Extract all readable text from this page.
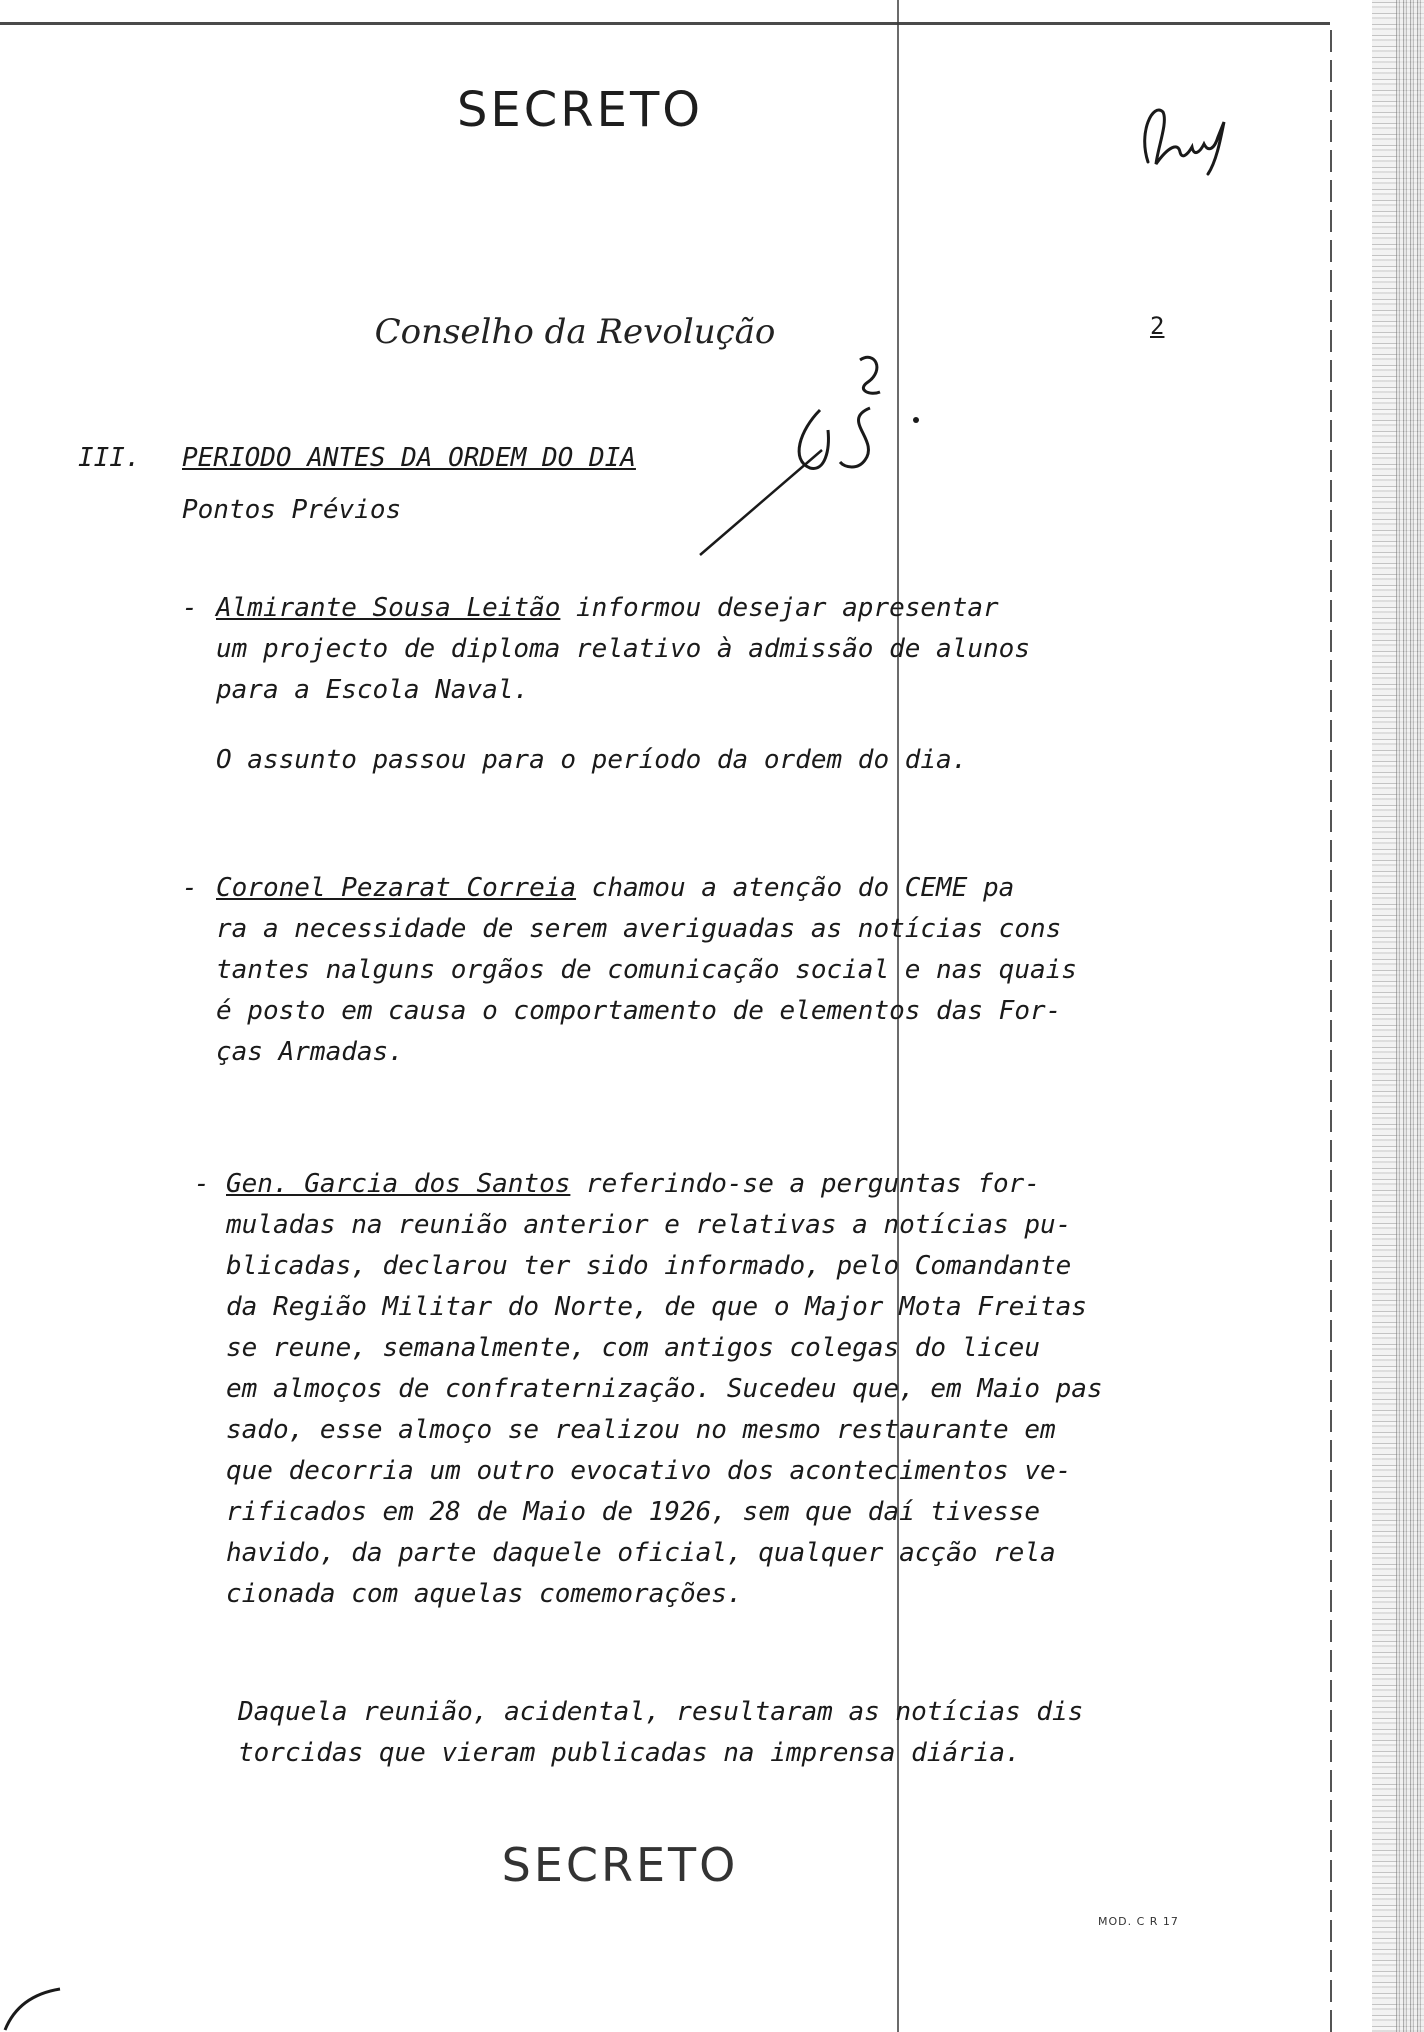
SECRETO
Conselho da Revolução	2

III. PERIODO ANTES DA ORDEM DO DIA

Pontos Prévios

- Almirante Sousa Leitão informou desejar apresentar
um projecto de diploma relativo à admissão de alunos
para a Escola Naval.
O assunto passou para o período da ordem do dia.
- Coronel Pezarat Correia chamou a atenção do CEME pa
ra a necessidade de serem averiguadas as notícias cons
tantes nalguns orgãos de comunicação social e nas quais
é posto em causa o comportamento de elementos das For-
ças Armadas.
- Gen. Garcia dos Santos referindo-se a perguntas for-
muladas na reunião anterior e relativas a notícias pu-
blicadas, declarou ter sido informado, pelo Comandante
da Região Militar do Norte, de que o Major Mota Freitas
se reune, semanalmente, com antigos colegas do liceu
em almoços de confraternização. Sucedeu que, em Maio pas
sado, esse almoço se realizou no mesmo restaurante em
que decorria um outro evocativo dos acontecimentos ve-
rificados em 28 de Maio de 1926, sem que daí tivesse
havido, da parte daquele oficial, qualquer acção rela
cionada com aquelas comemorações.
Daquela reunião, acidental, resultaram as notícias dis
torcidas que vieram publicadas na imprensa diária.
SECRETO
MOD. C R 17
